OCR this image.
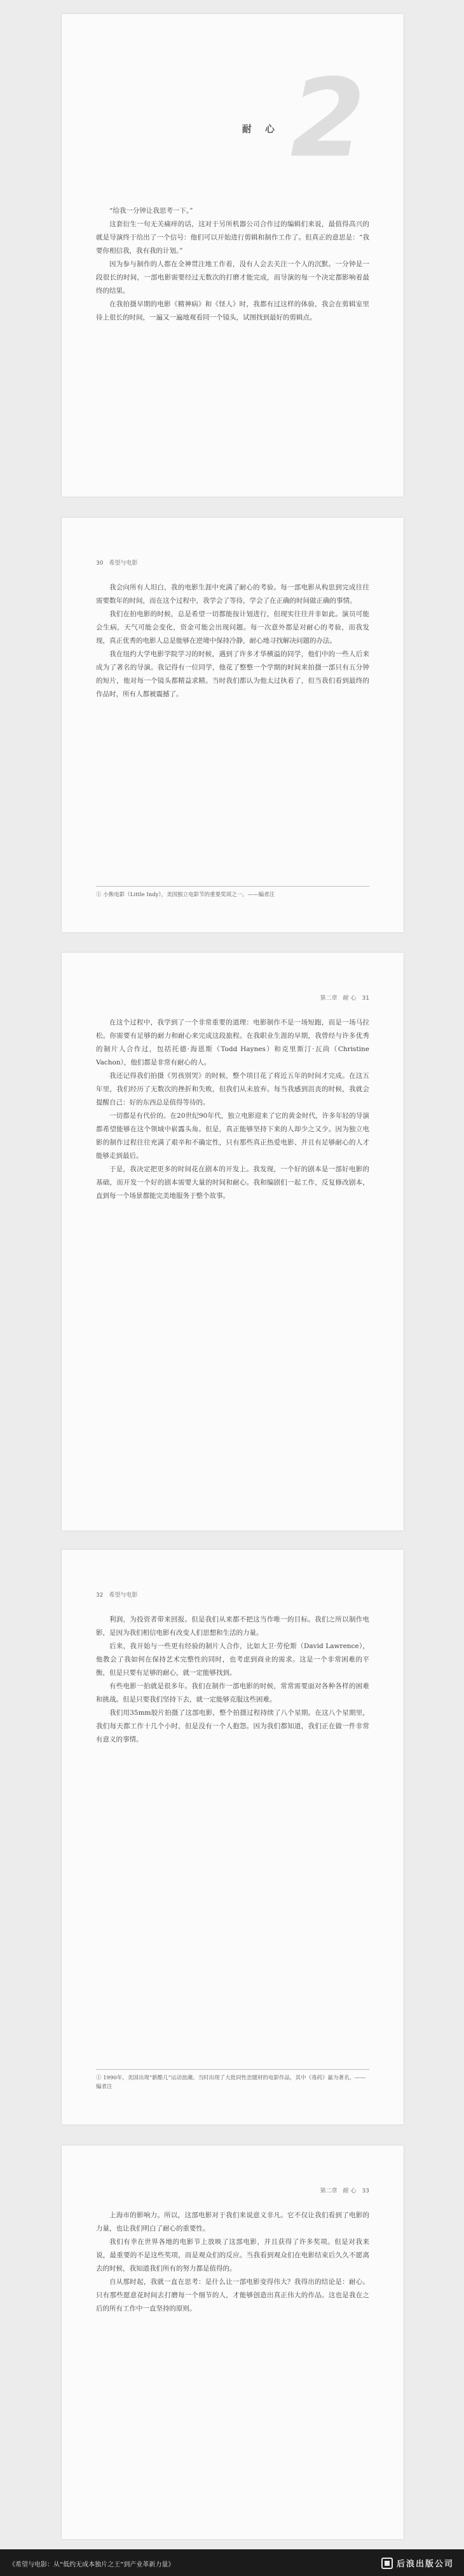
2
耐 心

“给我一分钟让我思考一下。”

这套衍生一句无关痛痒的话，这对于另所机器公司合作过的编辑们来说，最值得高兴的就是导演终于给出了一个信号：他们可以开始进行剪辑和制作工作了。但真正的意思是：“我要你相信我，我有我的计划。”

因为参与制作的人都在全神贯注地工作着，没有人会去关注一个人的沉默。一分钟是一段很长的时间，一部电影需要经过无数次的打磨才能完成，而导演的每一个决定都影响着最终的结果。

在我拍摄早期的电影《精神病》和《怪人》时，我都有过这样的体验，我会在剪辑室里待上很长的时间，一遍又一遍地观看同一个镜头，试图找到最好的剪辑点。

30　希望与电影

我会向所有人坦白，我的电影生涯中充满了耐心的考验。每一部电影从构思到完成往往需要数年的时间，而在这个过程中，我学会了等待，学会了在正确的时间做正确的事情。

我们在拍电影的时候，总是希望一切都能按计划进行，但现实往往并非如此。演员可能会生病，天气可能会变化，资金可能会出现问题。每一次意外都是对耐心的考验，而我发现，真正优秀的电影人总是能够在逆境中保持冷静，耐心地寻找解决问题的办法。

我在纽约大学电影学院学习的时候，遇到了许多才华横溢的同学，他们中的一些人后来成为了著名的导演。我记得有一位同学，他花了整整一个学期的时间来拍摄一部只有五分钟的短片，他对每一个镜头都精益求精。当时我们都认为他太过执着了，但当我们看到最终的作品时，所有人都被震撼了。

① 小熊电影（Little Indy），美国独立电影节的重要奖项之一。——编者注
第二章　耐 心　31

在这个过程中，我学到了一个非常重要的道理：电影制作不是一场短跑，而是一场马拉松。你需要有足够的耐力和耐心来完成这段旅程。在我职业生涯的早期，我曾经与许多优秀的制片人合作过，包括托德·海恩斯（Todd Haynes）和克里斯汀·瓦尚（Christine Vachon），他们都是非常有耐心的人。

我还记得我们拍摄《男孩别哭》的时候，整个项目花了将近五年的时间才完成。在这五年里，我们经历了无数次的挫折和失败，但我们从未放弃。每当我感到沮丧的时候，我就会提醒自己：好的东西总是值得等待的。

一切都是有代价的。在20世纪90年代，独立电影迎来了它的黄金时代，许多年轻的导演都希望能够在这个领域中崭露头角。但是，真正能够坚持下来的人却少之又少。因为独立电影的制作过程往往充满了艰辛和不确定性，只有那些真正热爱电影、并且有足够耐心的人才能够走到最后。

于是，我决定把更多的时间花在剧本的开发上。我发现，一个好的剧本是一部好电影的基础，而开发一个好的剧本需要大量的时间和耐心。我和编剧们一起工作，反复修改剧本，直到每一个场景都能完美地服务于整个故事。

32　希望与电影

利润，为投资者带来回报。但是我们从来都不把这当作唯一的目标。我们之所以制作电影，是因为我们相信电影有改变人们思想和生活的力量。

后来，我开始与一些更有经验的制片人合作，比如大卫·劳伦斯（David Lawrence），他教会了我如何在保持艺术完整性的同时，也考虑到商业的需求。这是一个非常困难的平衡，但是只要有足够的耐心，就一定能够找到。

有些电影一拍就是很多年。我们在制作一部电影的时候，常常需要面对各种各样的困难和挑战。但是只要我们坚持下去，就一定能够克服这些困难。

我们用35mm胶片拍摄了这部电影，整个拍摄过程持续了八个星期。在这八个星期里，我们每天都工作十几个小时，但是没有一个人抱怨。因为我们都知道，我们正在做一件非常有意义的事情。

① 1990年，美国出现“新酷儿”运动浪潮。当时出现了大批同性恋题材的电影作品，其中《毒药》最为著名。——编者注
第二章　耐 心　33

上海市的影响力。所以，这部电影对于我们来说意义非凡。它不仅让我们看到了电影的力量，也让我们明白了耐心的重要性。

我们有幸在世界各地的电影节上放映了这部电影，并且获得了许多奖项。但是对我来说，最重要的不是这些奖项，而是观众们的反应。当我看到观众们在电影结束后久久不愿离去的时候，我知道我们所有的努力都是值得的。

自从那时起，我就一直在思考：是什么让一部电影变得伟大？我得出的结论是：耐心。只有那些愿意花时间去打磨每一个细节的人，才能够创造出真正伟大的作品。这也是我在之后的所有工作中一直坚持的原则。

《希望与电影：从“低约无成本独片之王”到产业革新力量》	后浪出版公司
